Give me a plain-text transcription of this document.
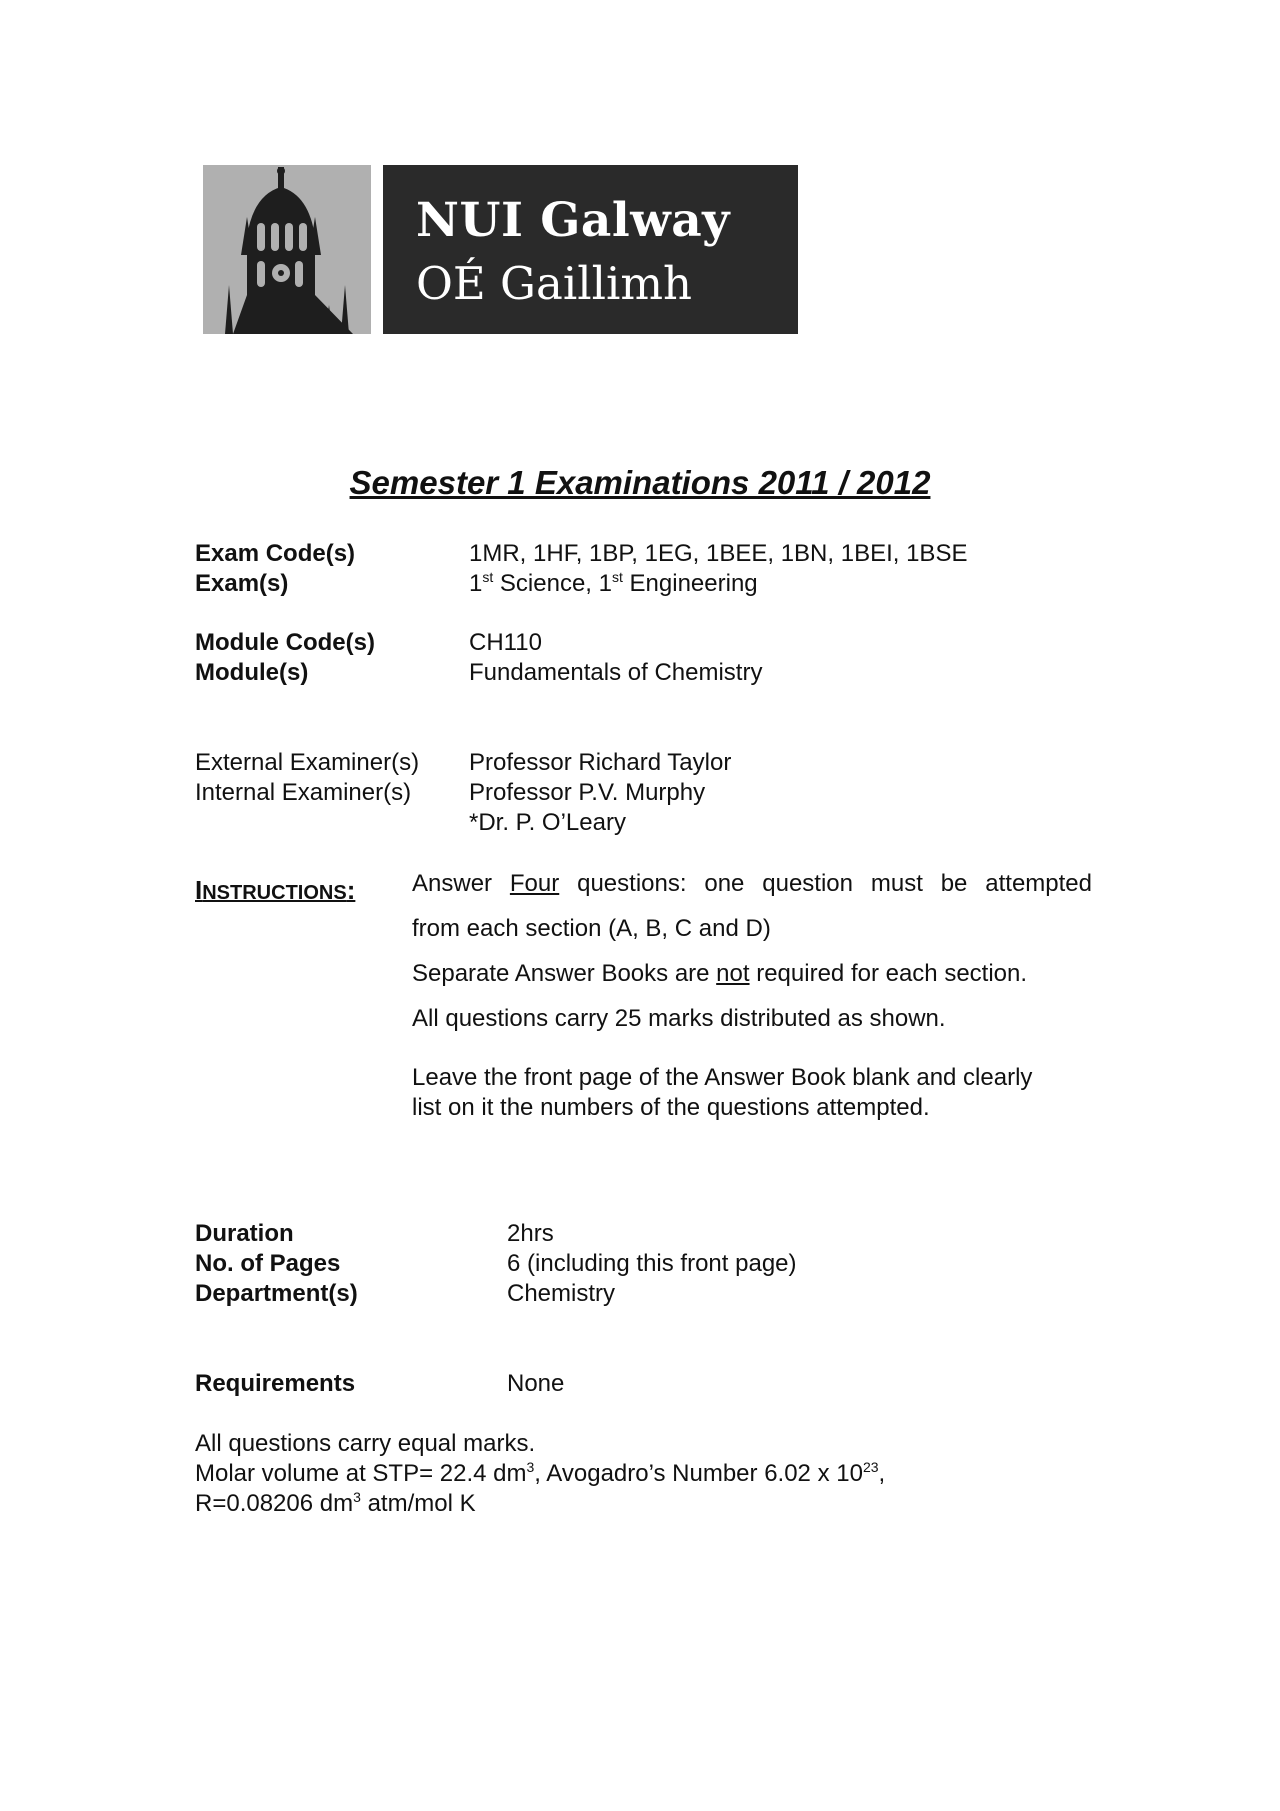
NUI Galway
OÉ Gaillimh
Semester 1 Examinations 2011 / 2012
Exam Code(s)	1MR, 1HF, 1BP, 1EG, 1BEE, 1BN, 1BEI, 1BSE
Exam(s)	1st Science, 1st Engineering
Module Code(s)	CH110
Module(s)	Fundamentals of Chemistry
External Examiner(s) Professor Richard Taylor
Internal Examiner(s) Professor P.V. Murphy
*Dr. P. O’Leary
INSTRUCTIONS: Answer Four questions: one question must be attempted
from each section (A, B, C and D)
Separate Answer Books are not required for each section.
All questions carry 25 marks distributed as shown.
Leave the front page of the Answer Book blank and clearly
list on it the numbers of the questions attempted.
Duration	2hrs
No. of Pages	6 (including this front page)
Department(s)	Chemistry
Requirements	None
All questions carry equal marks.
Molar volume at STP= 22.4 $dm^3$, Avogadro’s Number 6.02 x $10^{23}$,
R=0.08206 $dm^3$ atm/mol K
